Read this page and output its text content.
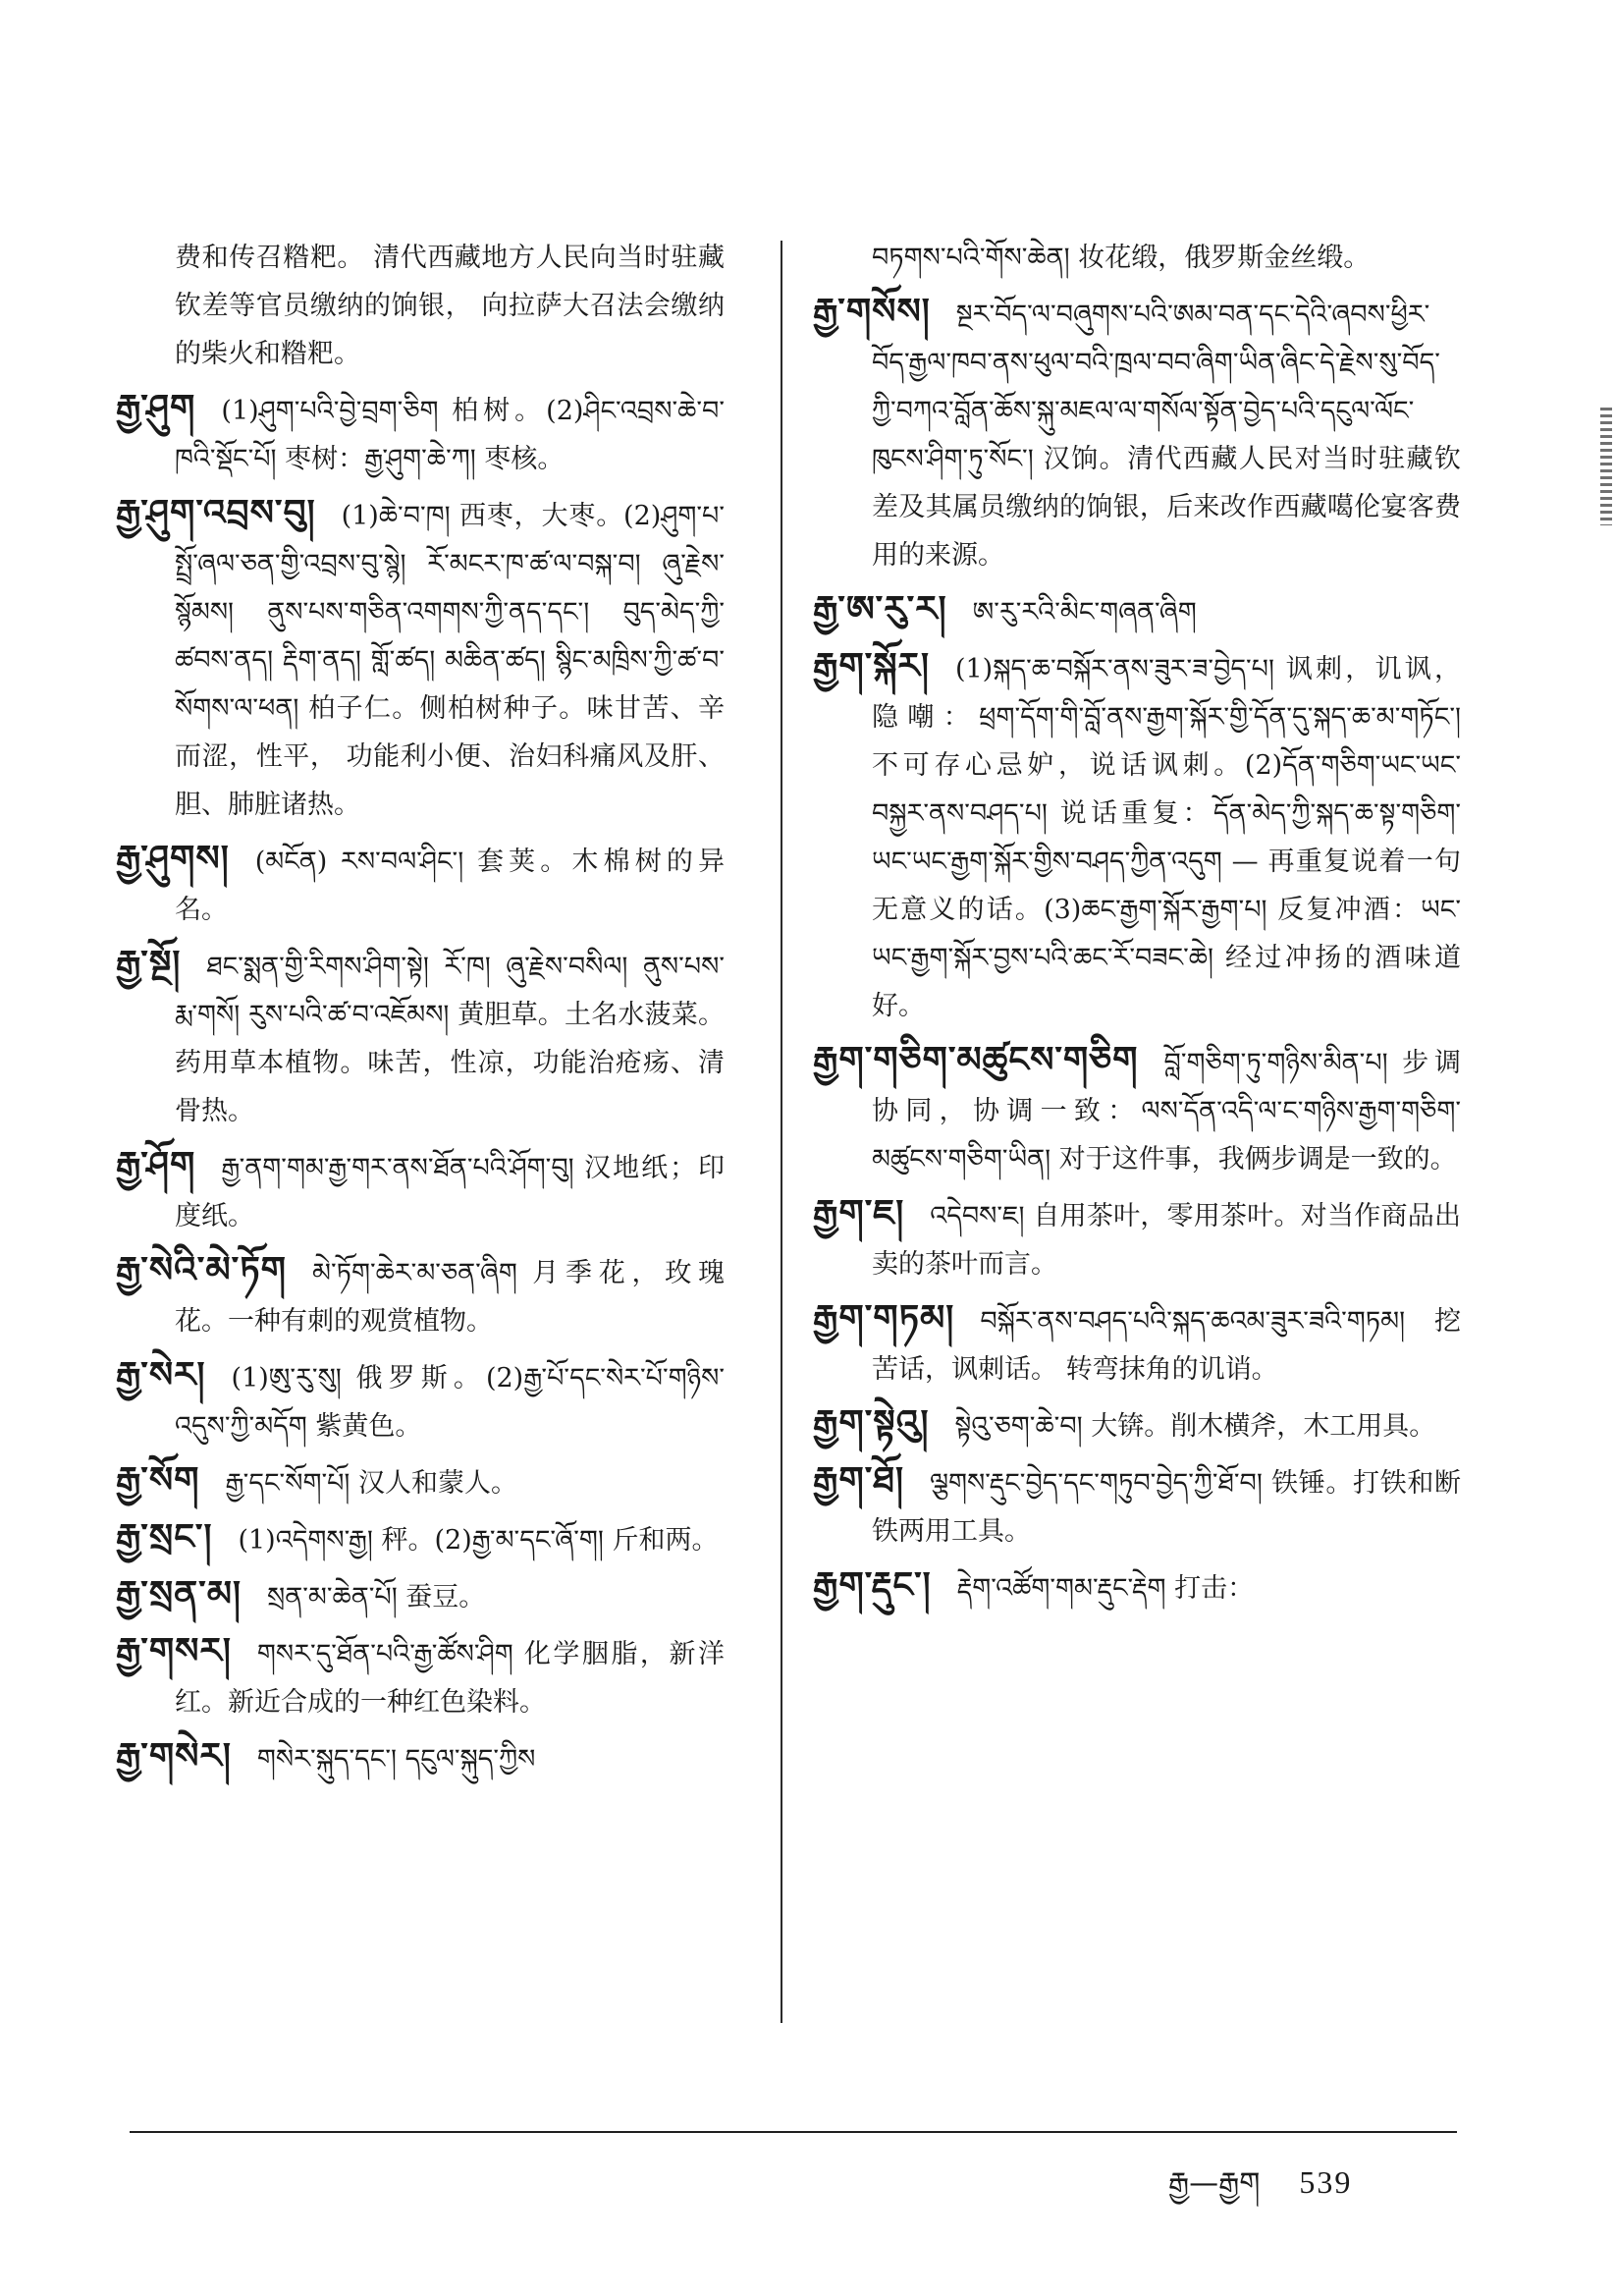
费和传召糌粑。 清代西藏地方人民向当时驻藏钦差等官员缴纳的饷银， 向拉萨大召法会缴纳的柴火和糌粑。

རྒྱ་ཤུག (1)ཤུག་པའི་བྱེ་བྲག་ཅིག 柏树。(2)ཤིང་འབྲས་ཆེ་བ་ཁའི་སྡོང་པོ། 枣树：རྒྱ་ཤུག་ཆེ་ཀ། 枣核。

རྒྱ་ཤུག་འབྲས་བུ། (1)ཆེ་བ་ཁ། 西枣，大枣。(2)ཤུག་པ་སྤྲོ་ཞལ་ཅན་གྱི་འབྲས་བུ་སྙེ། རོ་མངར་ཁ་ཚ་ལ་བསྐ་བ། ཞུ་རྗེས་སྙོམས། ནུས་པས་གཅིན་འགགས་ཀྱི་ནད་དང་། བུད་མེད་ཀྱི་ཚབས་ནད། རྡིག་ནད། གློ་ཚད། མཆིན་ཚད། སྙིང་མཁྲིས་ཀྱི་ཚ་བ་སོགས་ལ་ཕན། 柏子仁。侧柏树种子。味甘苦、辛而涩，性平， 功能利小便、治妇科痛风及肝、胆、肺脏诸热。

རྒྱ་ཤུགས། (མངོན) རས་བལ་ཤིང་། 套荚。木棉树的异名。

རྒྱ་སྔོ། ཐང་སྨན་གྱི་རིགས་ཤིག་སྟེ། རོ་ཁ། ཞུ་རྗེས་བསིལ། ནུས་པས་རྨ་གསོ། རུས་པའི་ཚ་བ་འཇོམས། 黄胆草。土名水菠菜。药用草本植物。味苦，性凉，功能治疮疡、清骨热。

རྒྱ་ཤོག རྒྱ་ནག་གམ་རྒྱ་གར་ནས་ཐོན་པའི་ཤོག་བུ། 汉地纸；印度纸。

རྒྱ་སེའི་མེ་ཏོག མེ་ཏོག་ཆེར་མ་ཅན་ཞིག 月季花，玫瑰花。一种有刺的观赏植物。

རྒྱ་སེར། (1)ཨུ་རུ་སུ། 俄罗斯。(2)རྒྱ་པོ་དང་སེར་པོ་གཉིས་འདུས་ཀྱི་མདོག 紫黄色。

རྒྱ་སོག རྒྱ་དང་སོག་པོ། 汉人和蒙人。

རྒྱ་སྲང་། (1)འདེགས་རྒྱ། 秤。(2)རྒྱ་མ་དང་ཞོ་ག། 斤和两。

རྒྱ་སྲན་མ། སྲན་མ་ཆེན་པོ། 蚕豆。

རྒྱ་གསར། གསར་དུ་ཐོན་པའི་རྒྱ་ཚོས་ཤིག 化学胭脂，新洋红。新近合成的一种红色染料。

རྒྱ་གསེར། གསེར་སྐུད་དང་། དངུལ་སྐུད་ཀྱིས

བཏགས་པའི་གོས་ཆེན། 妆花缎，俄罗斯金丝缎。

རྒྱ་གསོས། སྔར་བོད་ལ་བཞུགས་པའི་ཨམ་བན་དང་དེའི་ཞབས་ཕྱིར་བོད་རྒྱལ་ཁབ་ནས་ཕུལ་བའི་ཁྲལ་བབ་ཞིག་ཡིན་ཞིང་དེ་རྗེས་སུ་བོད་ཀྱི་བཀའ་བློན་ཆོས་སྐུ་མཇལ་ལ་གསོལ་སྟོན་བྱེད་པའི་དངུལ་ལོང་ཁུངས་ཤིག་ཏུ་སོང་། 汉饷。清代西藏人民对当时驻藏钦差及其属员缴纳的饷银，后来改作西藏噶伦宴客费用的来源。

རྒྱ་ཨ་རུ་ར། ཨ་རུ་རའི་མིང་གཞན་ཞིག

རྒྱག་སྐོར། (1)སྐད་ཆ་བསྐོར་ནས་ཟུར་ཟ་བྱེད་པ། 讽刺，讥讽，隐嘲：ཕྲག་དོག་གི་བློ་ནས་རྒྱག་སྐོར་གྱི་དོན་དུ་སྐད་ཆ་མ་གཏོང་། 不可存心忌妒，说话讽刺。(2)དོན་གཅིག་ཡང་ཡང་བསྐྱར་ནས་བཤད་པ། 说话重复：དོན་མེད་ཀྱི་སྐད་ཆ་སྟ་གཅིག་ཡང་ཡང་རྒྱག་སྐོར་གྱིས་བཤད་ཀྱིན་འདུག — 再重复说着一句无意义的话。(3)ཆང་རྒྱག་སྐོར་རྒྱག་པ། 反复冲酒：ཡང་ཡང་རྒྱག་སྐོར་བྱས་པའི་ཆང་རོ་བཟང་ཆེ། 经过冲扬的酒味道好。

རྒྱག་གཅིག་མཚུངས་གཅིག བློ་གཅིག་ཏུ་གཉིས་མིན་པ། 步调协同，协调一致：ལས་དོན་འདི་ལ་ང་གཉིས་རྒྱག་གཅིག་མཚུངས་གཅིག་ཡིན། 对于这件事，我俩步调是一致的。

རྒྱག་ཇ། འདེབས་ཇ། 自用茶叶，零用茶叶。对当作商品出卖的茶叶而言。

རྒྱག་གཏམ། བསྐོར་ནས་བཤད་པའི་སྐད་ཆའམ་ཟུར་ཟའི་གཏམ། 挖苦话，讽刺话。 转弯抹角的讥诮。

རྒྱག་སྟེའུ། སྟེའུ་ཅག་ཆེ་བ། 大锛。削木横斧，木工用具。

རྒྱག་ཐོ། ལྕགས་རྡུང་བྱེད་དང་གཏུབ་བྱེད་ཀྱི་ཐོ་བ། 铁锤。打铁和断铁两用工具。

རྒྱག་རྡུང་། རྡེག་འཚོག་གམ་རྡུང་རྡེག 打击：

རྒྱ—རྒྱག 539
